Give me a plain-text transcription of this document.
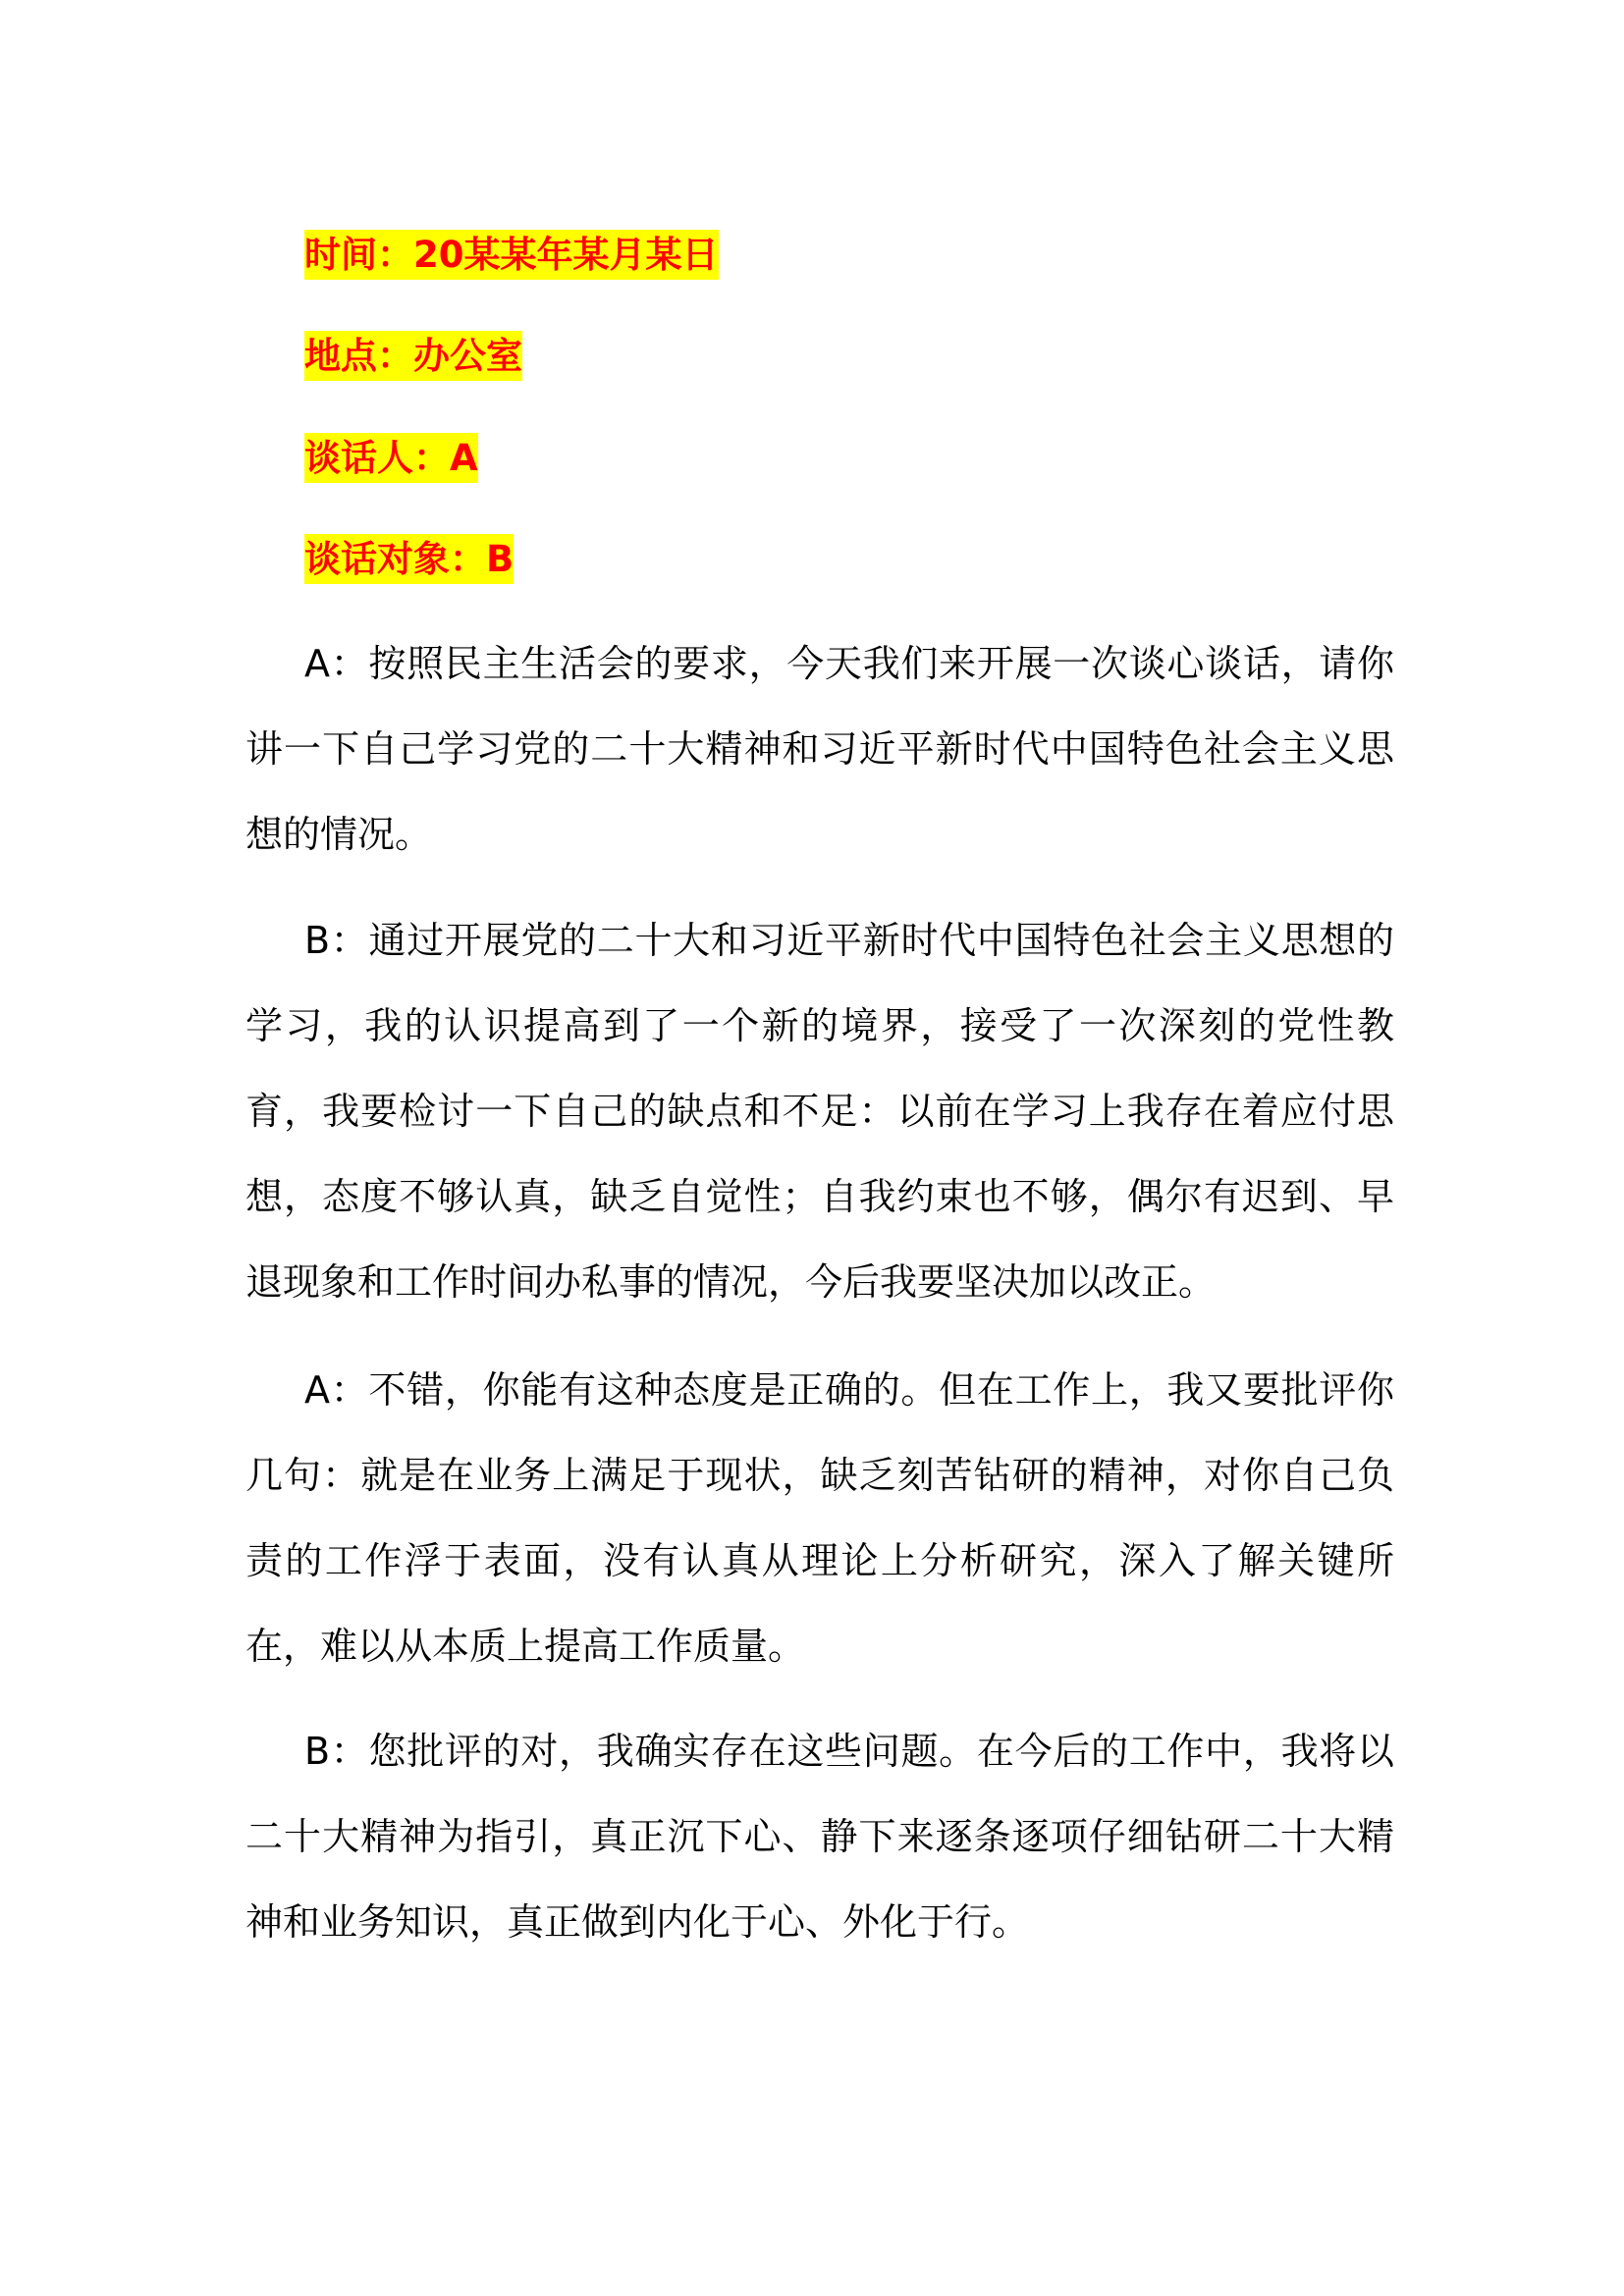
时间：20某某年某月某日
地点：办公室
谈话人：A
谈话对象：B

A：按照民主生活会的要求，今天我们来开展一次谈心谈话，请你讲一下自己学习党的二十大精神和习近平新时代中国特色社会主义思想的情况。

B：通过开展党的二十大和习近平新时代中国特色社会主义思想的学习，我的认识提高到了一个新的境界，接受了一次深刻的党性教育，我要检讨一下自己的缺点和不足：以前在学习上我存在着应付思想，态度不够认真，缺乏自觉性；自我约束也不够，偶尔有迟到、早退现象和工作时间办私事的情况，今后我要坚决加以改正。

A：不错，你能有这种态度是正确的。但在工作上，我又要批评你几句：就是在业务上满足于现状，缺乏刻苦钻研的精神，对你自己负责的工作浮于表面，没有认真从理论上分析研究，深入了解关键所在，难以从本质上提高工作质量。

B：您批评的对，我确实存在这些问题。在今后的工作中，我将以二十大精神为指引，真正沉下心、静下来逐条逐项仔细钻研二十大精神和业务知识，真正做到内化于心、外化于行。
